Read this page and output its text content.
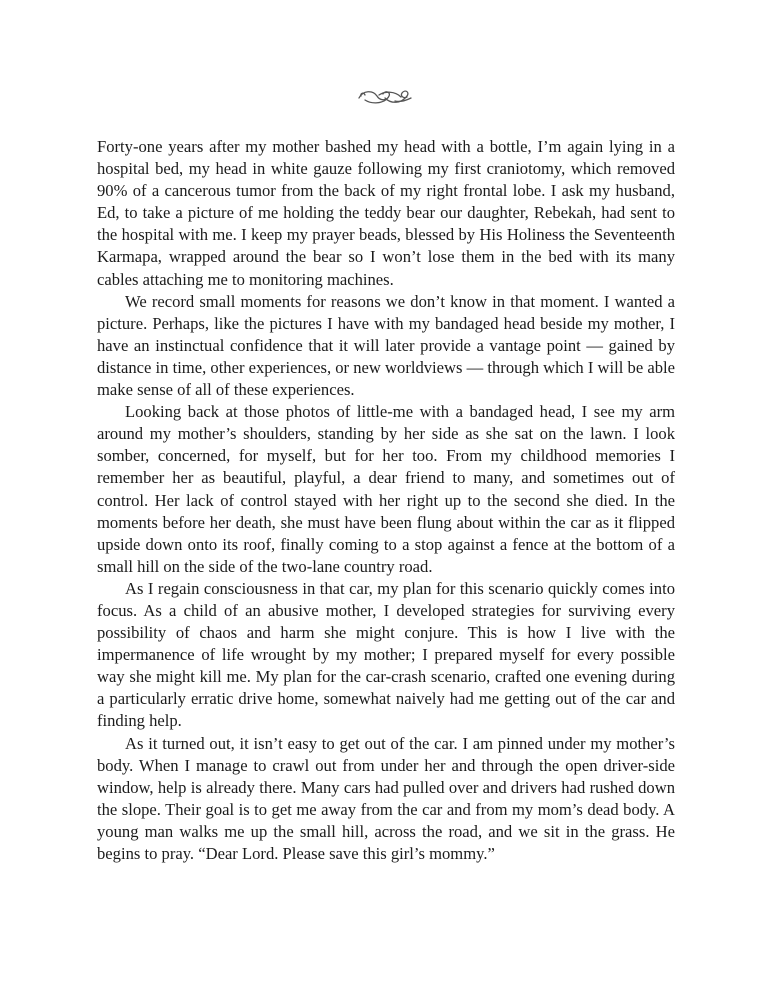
Forty-one years after my mother bashed my head with a bottle, I’m again lying in a hospital bed, my head in white gauze following my first craniotomy, which removed 90% of a cancerous tumor from the back of my right frontal lobe. I ask my husband, Ed, to take a picture of me holding the teddy bear our daughter, Rebekah, had sent to the hospital with me. I keep my prayer beads, blessed by His Holiness the Seventeenth Karmapa, wrapped around the bear so I won’t lose them in the bed with its many cables attaching me to monitoring machines.

We record small moments for reasons we don’t know in that moment. I wanted a picture. Perhaps, like the pictures I have with my bandaged head beside my mother, I have an instinctual confidence that it will later provide a vantage point — gained by distance in time, other experiences, or new worldviews — through which I will be able make sense of all of these experiences.

Looking back at those photos of little-me with a bandaged head, I see my arm around my mother’s shoulders, standing by her side as she sat on the lawn. I look somber, concerned, for myself, but for her too. From my childhood memories I remember her as beautiful, playful, a dear friend to many, and sometimes out of control. Her lack of control stayed with her right up to the second she died. In the moments before her death, she must have been flung about within the car as it flipped upside down onto its roof, finally coming to a stop against a fence at the bottom of a small hill on the side of the two-lane country road.

As I regain consciousness in that car, my plan for this scenario quickly comes into focus. As a child of an abusive mother, I developed strategies for surviving every possibility of chaos and harm she might conjure. This is how I live with the impermanence of life wrought by my mother; I prepared myself for every possible way she might kill me. My plan for the car-crash scenario, crafted one evening during a particularly erratic drive home, somewhat naively had me getting out of the car and finding help.

As it turned out, it isn’t easy to get out of the car. I am pinned under my mother’s body. When I manage to crawl out from under her and through the open driver-side window, help is already there. Many cars had pulled over and drivers had rushed down the slope. Their goal is to get me away from the car and from my mom’s dead body. A young man walks me up the small hill, across the road, and we sit in the grass. He begins to pray. “Dear Lord. Please save this girl’s mommy.”
